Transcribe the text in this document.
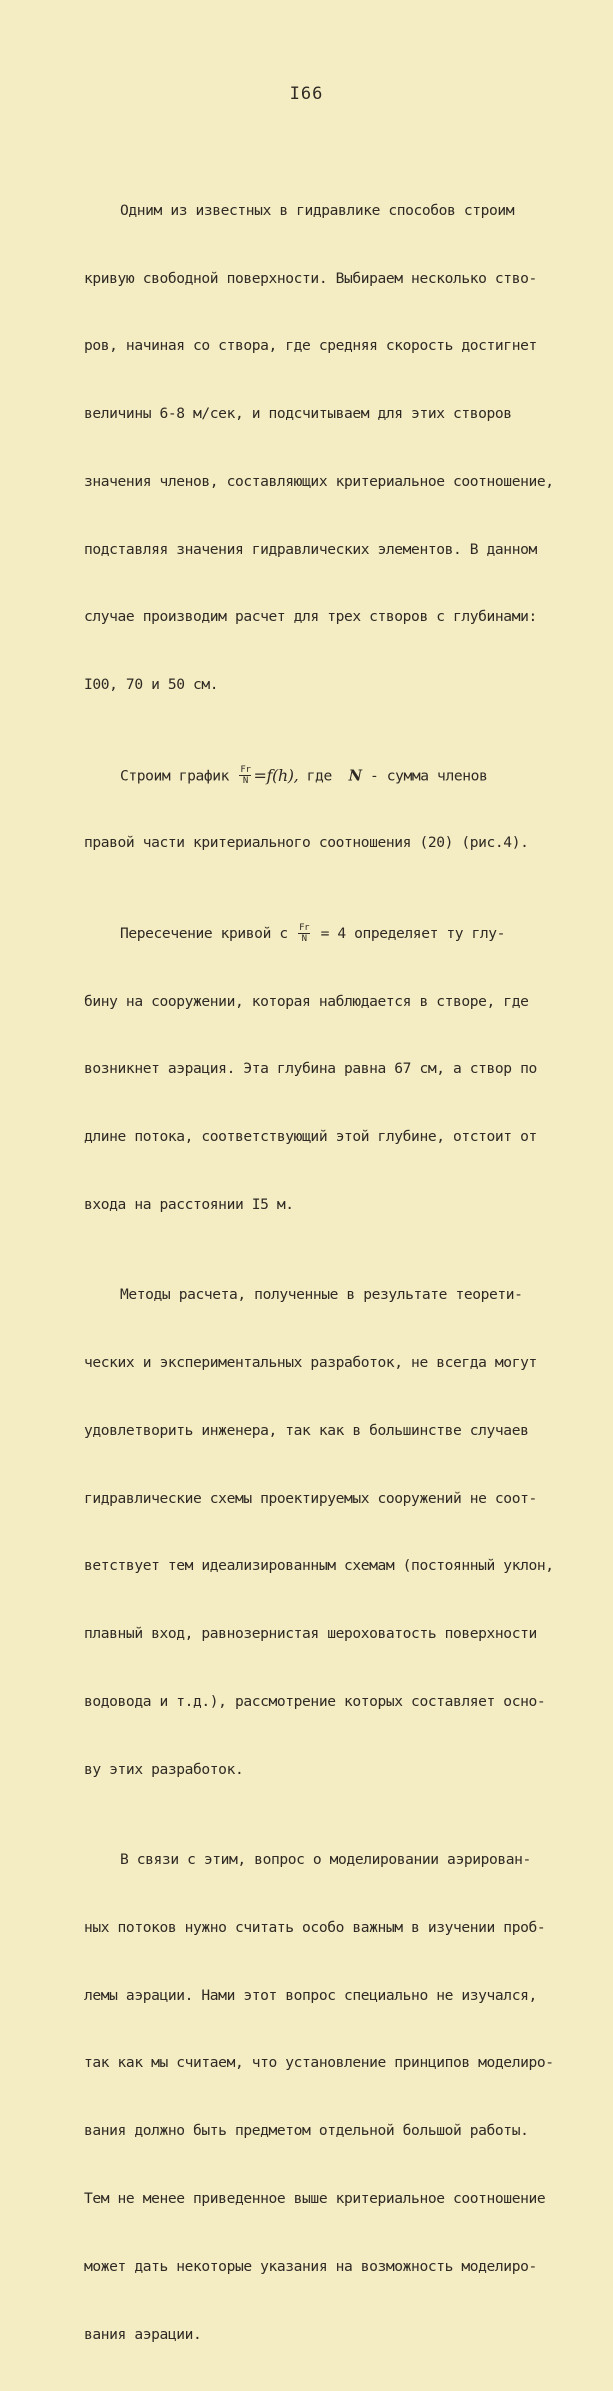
I66

Одним из известных в гидравлике способов строим

кривую свободной поверхности. Выбираем несколько ство-

ров, начиная со створа, где средняя скорость достигнет

величины 6-8 м/сек, и подсчитываем для этих створов

значения членов, составляющих критериальное соотношение,

подставляя значения гидравлических элементов. В данном

случае производим расчет для трех створов с глубинами:

I00, 70 и 50 см.

Строим график $\frac{Fr}{N} =f(h)$, где N - сумма членов

правой части критериального соотношения (20) (рис.4).

Пересечение кривой с $\frac{Fr}{N} = 4$ определяет ту глу-

бину на сооружении, которая наблюдается в створе, где

возникнет аэрация. Эта глубина равна 67 см, а створ по

длине потока, соответствующий этой глубине, отстоит от

входа на расстоянии I5 м.

Методы расчета, полученные в результате теорети-

ческих и экспериментальных разработок, не всегда могут

удовлетворить инженера, так как в большинстве случаев

гидравлические схемы проектируемых сооружений не соот-

ветствует тем идеализированным схемам (постоянный уклон,

плавный вход, равнозернистая шероховатость поверхности

водовода и т.д.), рассмотрение которых составляет осно-

ву этих разработок.

В связи с этим, вопрос о моделировании аэрирован-

ных потоков нужно считать особо важным в изучении проб-

лемы аэрации. Нами этот вопрос специально не изучался,

так как мы считаем, что установление принципов моделиро-

вания должно быть предметом отдельной большой работы.

Тем не менее приведенное выше критериальное соотношение

может дать некоторые указания на возможность моделиро-

вания аэрации.
